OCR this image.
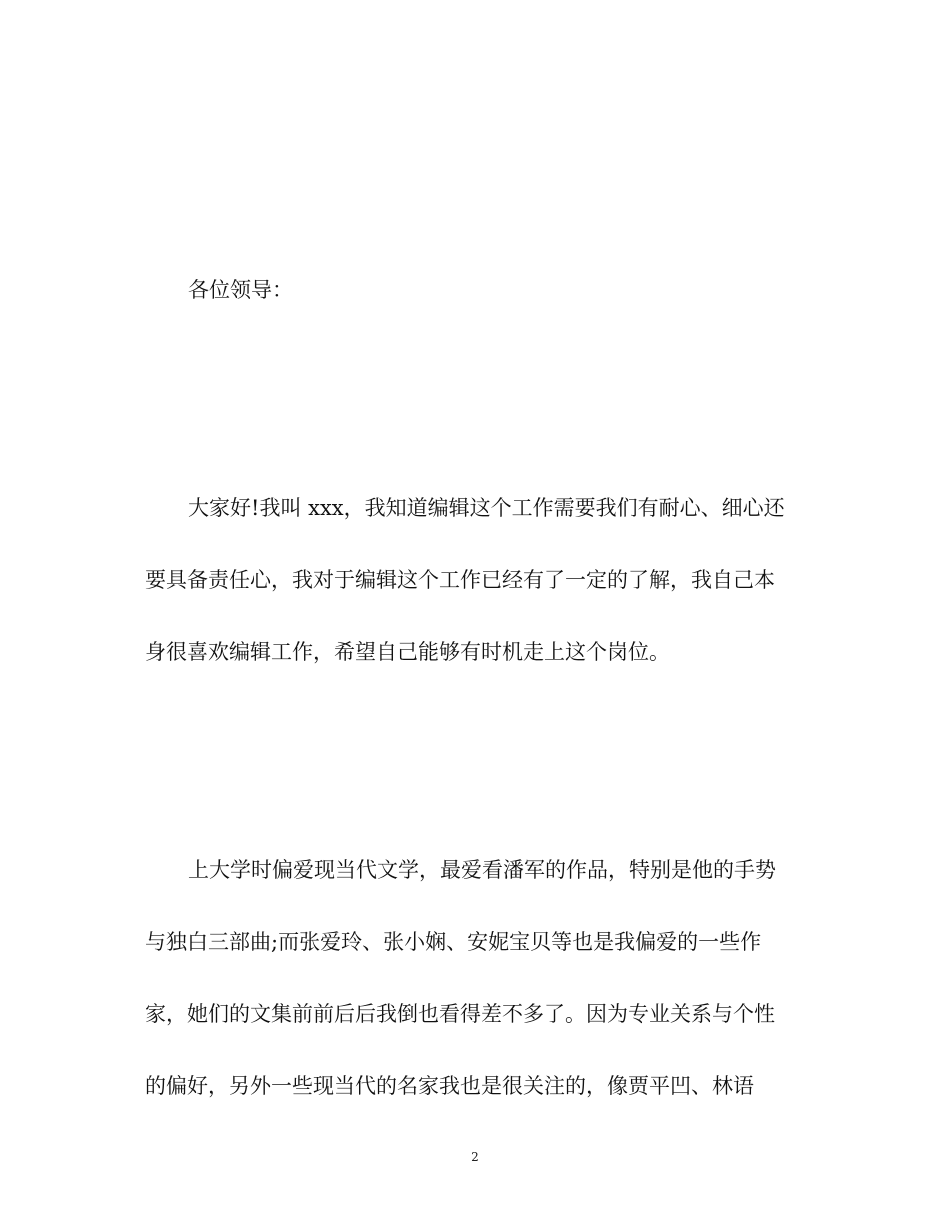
各位领导：
大家好!我叫 xxx，我知道编辑这个工作需要我们有耐心、细心还
要具备责任心，我对于编辑这个工作已经有了一定的了解，我自己本
身很喜欢编辑工作，希望自己能够有时机走上这个岗位。
上大学时偏爱现当代文学，最爱看潘军的作品，特别是他的手势
与独白三部曲;而张爱玲、张小娴、安妮宝贝等也是我偏爱的一些作
家，她们的文集前前后后我倒也看得差不多了。因为专业关系与个性
的偏好，另外一些现当代的名家我也是很关注的，像贾平凹、林语
2
